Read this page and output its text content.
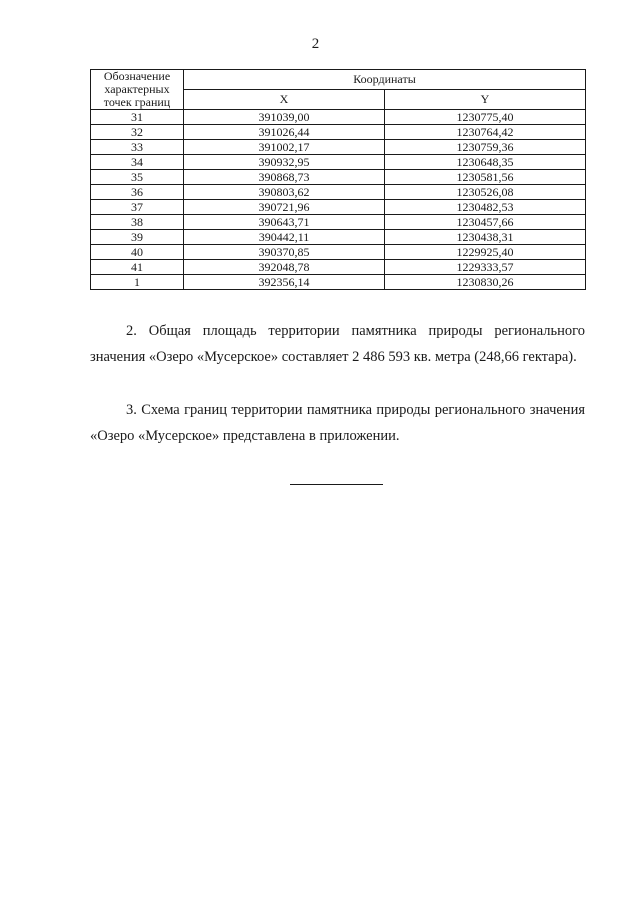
2
Обозначение характерных точек границ	Координаты	
	X	Y
31	391039,00	1230775,40
32	391026,44	1230764,42
33	391002,17	1230759,36
34	390932,95	1230648,35
35	390868,73	1230581,56
36	390803,62	1230526,08
37	390721,96	1230482,53
38	390643,71	1230457,66
39	390442,11	1230438,31
40	390370,85	1229925,40
41	392048,78	1229333,57
1	392356,14	1230830,26

2. Общая площадь территории памятника природы регионального значения «Озеро «Мусерское» составляет 2 486 593 кв. метра (248,66 гектара).

3. Схема границ территории памятника природы регионального значения «Озеро «Мусерское» представлена в приложении.
